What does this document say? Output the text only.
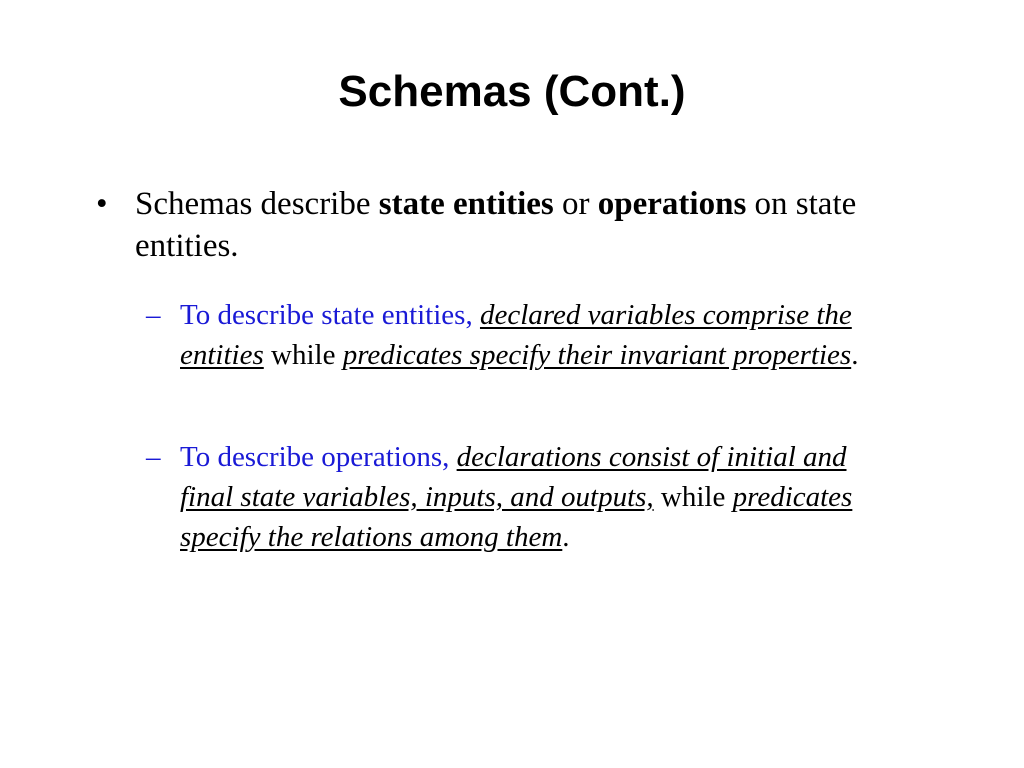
Schemas (Cont.)
• Schemas describe state entities or operations on state entities.
– To describe state entities, declared variables comprise the entities while predicates specify their invariant properties.
– To describe operations, declarations consist of initial and final state variables, inputs, and outputs, while predicates specify the relations among them.
